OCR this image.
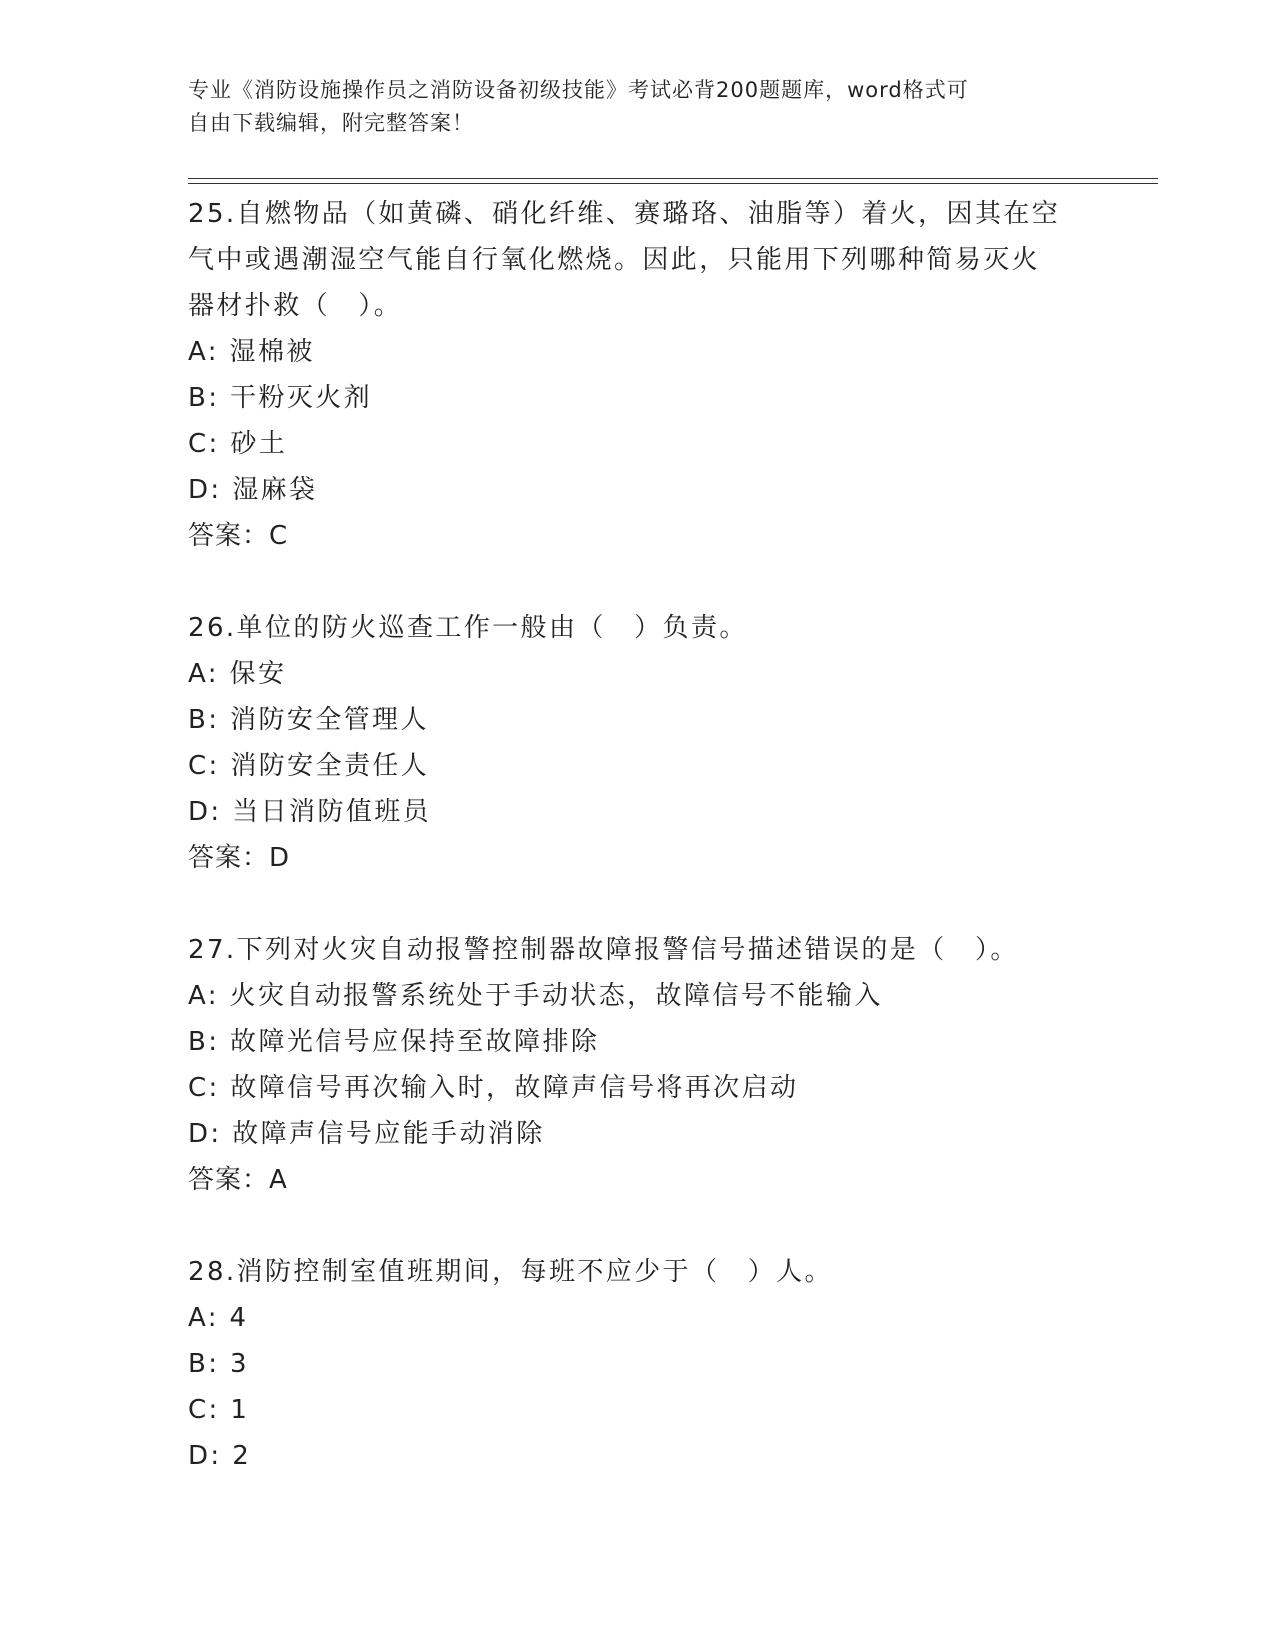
专业《消防设施操作员之消防设备初级技能》考试必背200题题库，word格式可
自由下载编辑，附完整答案！
25.自燃物品（如黄磷、硝化纤维、赛璐珞、油脂等）着火，因其在空
气中或遇潮湿空气能自行氧化燃烧。因此，只能用下列哪种简易灭火
器材扑救（　）。
A: 湿棉被
B: 干粉灭火剂
C: 砂土
D: 湿麻袋
答案：C
26.单位的防火巡查工作一般由（　）负责。
A: 保安
B: 消防安全管理人
C: 消防安全责任人
D: 当日消防值班员
答案：D
27.下列对火灾自动报警控制器故障报警信号描述错误的是（　）。
A: 火灾自动报警系统处于手动状态，故障信号不能输入
B: 故障光信号应保持至故障排除
C: 故障信号再次输入时，故障声信号将再次启动
D: 故障声信号应能手动消除
答案：A
28.消防控制室值班期间，每班不应少于（　）人。
A: 4
B: 3
C: 1
D: 2
